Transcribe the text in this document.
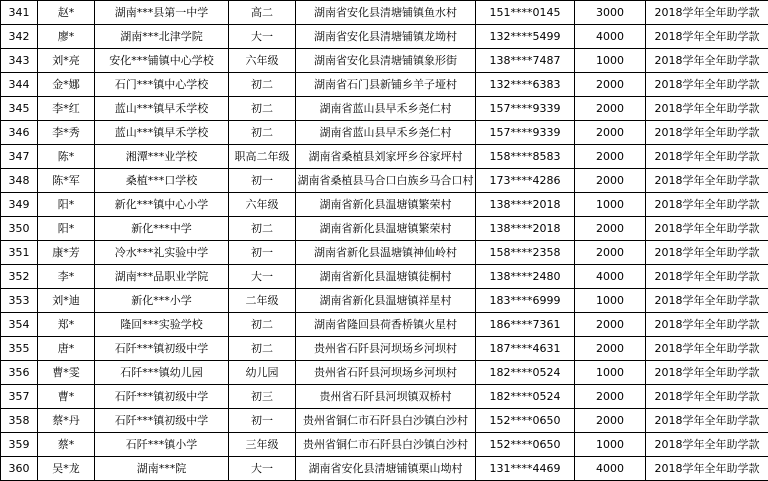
341	赵*	湖南***县第一中学	高二	湖南省安化县清塘铺镇鱼水村	151****0145	3000	2018学年全年助学款
342	廖*	湖南***北津学院	大一	湖南省安化县清塘铺镇龙坳村	132****5499	4000	2018学年全年助学款
343	刘*亮	安化***铺镇中心学校	六年级	湖南省安化县清塘铺镇象形街	138****7487	1000	2018学年全年助学款
344	金*娜	石门***镇中心学校	初二	湖南省石门县新铺乡羊子垭村	132****6383	2000	2018学年全年助学款
345	李*红	蓝山***镇早禾学校	初二	湖南省蓝山县早禾乡尧仁村	157****9339	2000	2018学年全年助学款
346	李*秀	蓝山***镇早禾学校	初二	湖南省蓝山县早禾乡尧仁村	157****9339	2000	2018学年全年助学款
347	陈*	湘潭***业学校	职高二年级	湖南省桑植县刘家坪乡谷家坪村	158****8583	2000	2018学年全年助学款
348	陈*军	桑植***口学校	初一	湖南省桑植县马合口白族乡马合口村	173****4286	2000	2018学年全年助学款
349	阳*	新化***镇中心小学	六年级	湖南省新化县温塘镇繁荣村	138****2018	1000	2018学年全年助学款
350	阳*	新化***中学	初二	湖南省新化县温塘镇繁荣村	138****2018	2000	2018学年全年助学款
351	康*芳	冷水***礼实验中学	初一	湖南省新化县温塘镇神仙岭村	158****2358	2000	2018学年全年助学款
352	李*	湖南***品职业学院	大一	湖南省新化县温塘镇徒桐村	138****2480	4000	2018学年全年助学款
353	刘*迪	新化***小学	二年级	湖南省新化县温塘镇祥星村	183****6999	1000	2018学年全年助学款
354	郑*	隆回***实验学校	初二	湖南省隆回县荷香桥镇火星村	186****7361	2000	2018学年全年助学款
355	唐*	石阡***镇初级中学	初二	贵州省石阡县河坝场乡河坝村	187****4631	2000	2018学年全年助学款
356	曹*雯	石阡***镇幼儿园	幼儿园	贵州省石阡县河坝场乡河坝村	182****0524	1000	2018学年全年助学款
357	曹*	石阡***镇初级中学	初三	贵州省石阡县河坝镇双桥村	182****0524	2000	2018学年全年助学款
358	蔡*丹	石阡***镇初级中学	初一	贵州省铜仁市石阡县白沙镇白沙村	152****0650	2000	2018学年全年助学款
359	蔡*	石阡***镇小学	三年级	贵州省铜仁市石阡县白沙镇白沙村	152****0650	1000	2018学年全年助学款
360	吴*龙	湖南***院	大一	湖南省安化县清塘铺镇栗山坳村	131****4469	4000	2018学年全年助学款
